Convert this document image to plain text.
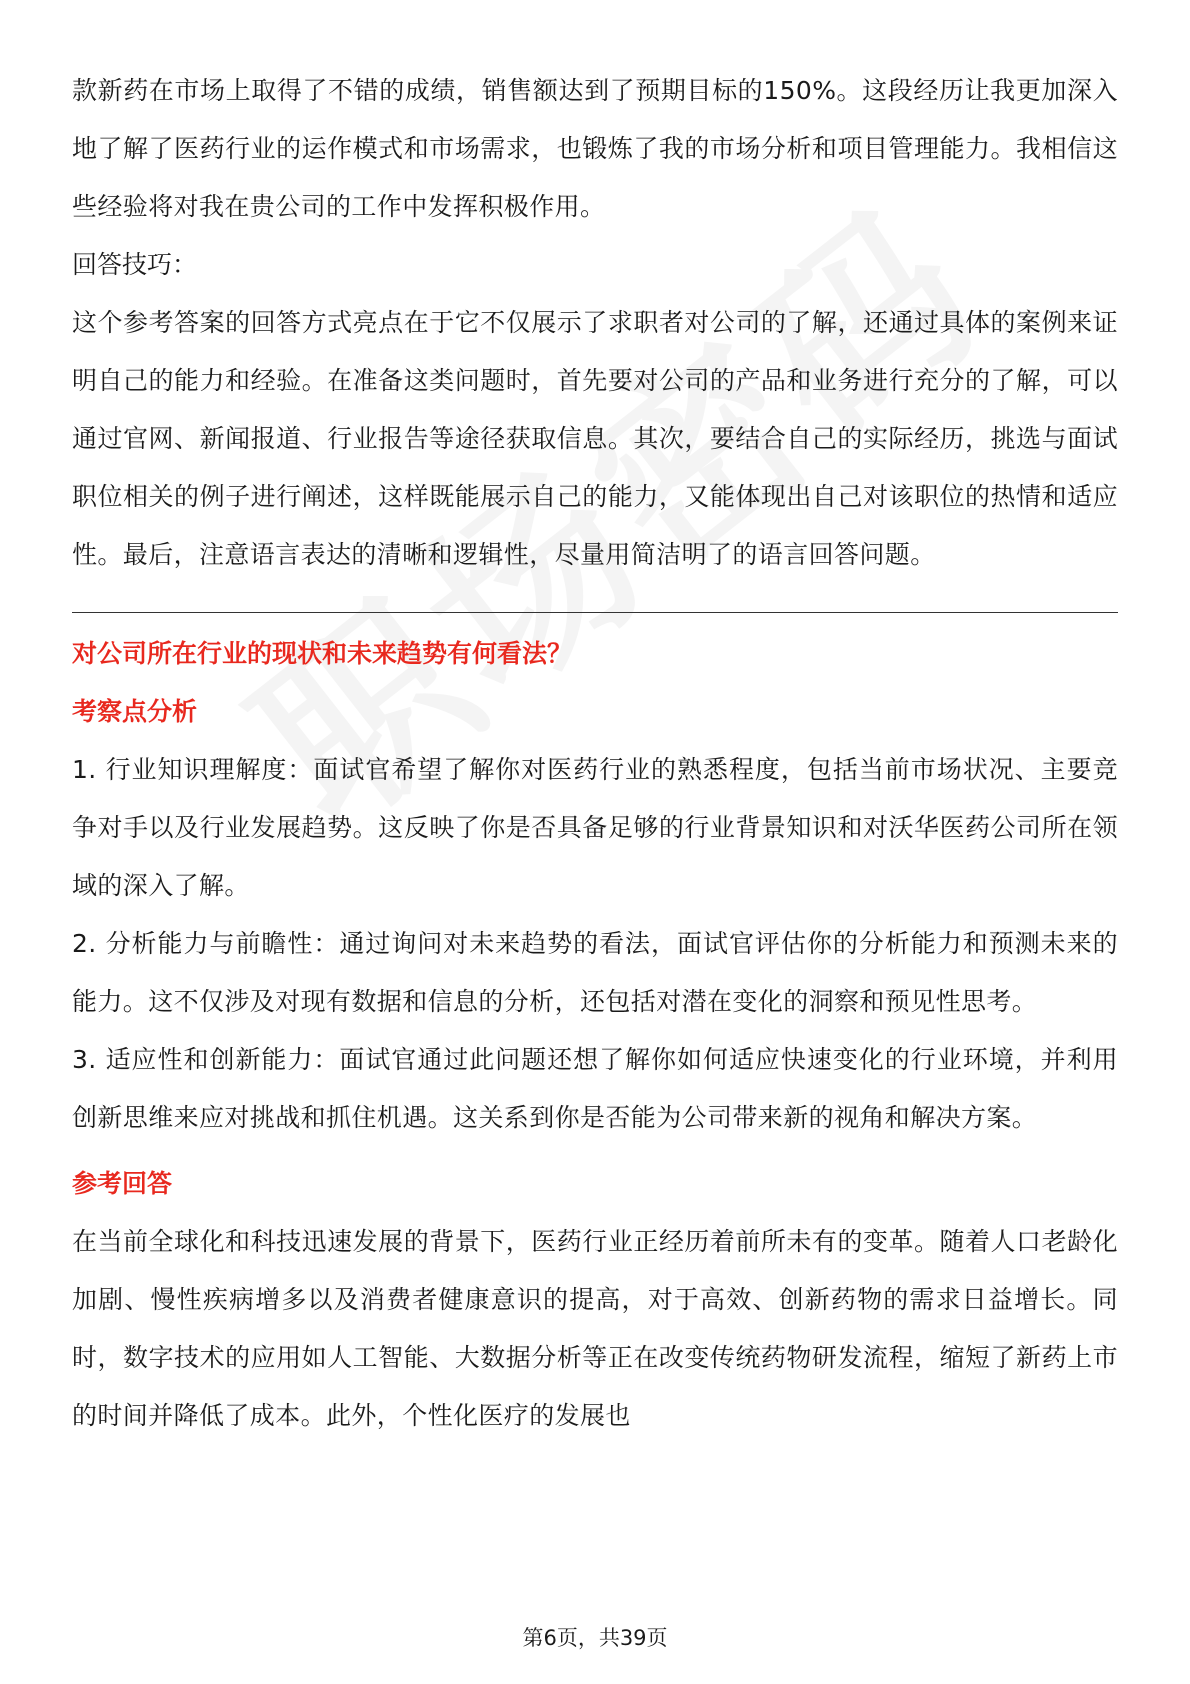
款新药在市场上取得了不错的成绩，销售额达到了预期目标的150%。这段经历让我更加深入地了解了医药行业的运作模式和市场需求，也锻炼了我的市场分析和项目管理能力。我相信这些经验将对我在贵公司的工作中发挥积极作用。

回答技巧：

这个参考答案的回答方式亮点在于它不仅展示了求职者对公司的了解，还通过具体的案例来证明自己的能力和经验。在准备这类问题时，首先要对公司的产品和业务进行充分的了解，可以通过官网、新闻报道、行业报告等途径获取信息。其次，要结合自己的实际经历，挑选与面试职位相关的例子进行阐述，这样既能展示自己的能力，又能体现出自己对该职位的热情和适应性。最后，注意语言表达的清晰和逻辑性，尽量用简洁明了的语言回答问题。

对公司所在行业的现状和未来趋势有何看法？

考察点分析

1. 行业知识理解度：面试官希望了解你对医药行业的熟悉程度，包括当前市场状况、主要竞争对手以及行业发展趋势。这反映了你是否具备足够的行业背景知识和对沃华医药公司所在领域的深入了解。

2. 分析能力与前瞻性：通过询问对未来趋势的看法，面试官评估你的分析能力和预测未来的能力。这不仅涉及对现有数据和信息的分析，还包括对潜在变化的洞察和预见性思考。

3. 适应性和创新能力：面试官通过此问题还想了解你如何适应快速变化的行业环境，并利用创新思维来应对挑战和抓住机遇。这关系到你是否能为公司带来新的视角和解决方案。

参考回答

在当前全球化和科技迅速发展的背景下，医药行业正经历着前所未有的变革。随着人口老龄化加剧、慢性疾病增多以及消费者健康意识的提高，对于高效、创新药物的需求日益增长。同时，数字技术的应用如人工智能、大数据分析等正在改变传统药物研发流程，缩短了新药上市的时间并降低了成本。此外，个性化医疗的发展也

第6页，共39页
